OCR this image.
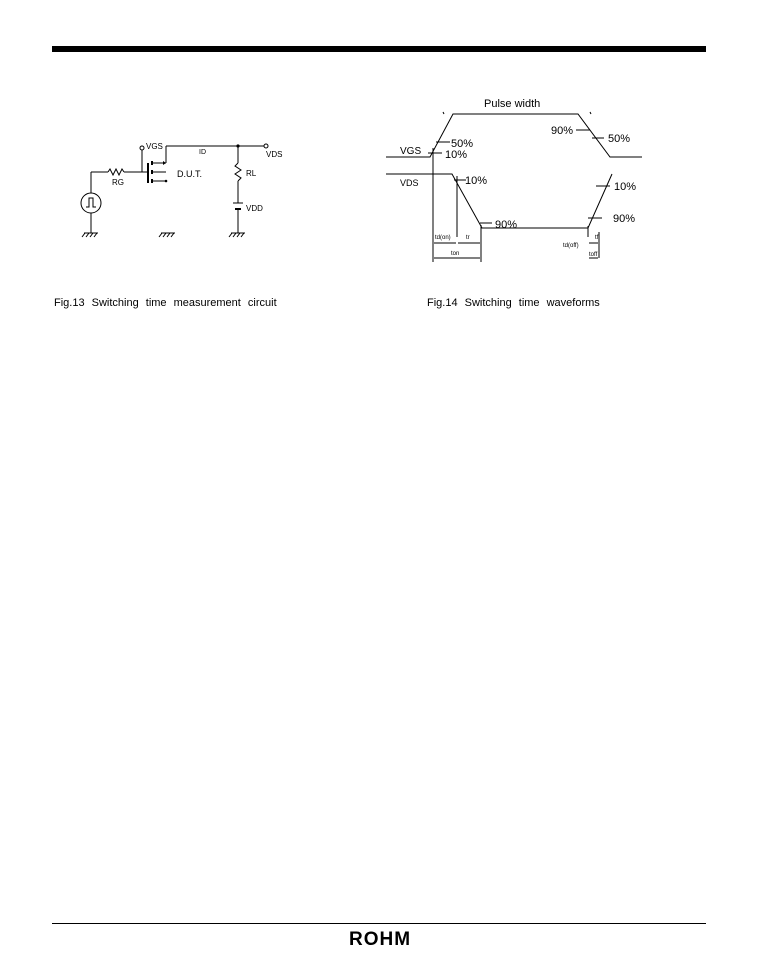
VGS
ID	VDS
RG
D.U.T.	RL
VDD
Fig.13 Switching time measurement circuit
Pulse width
VGS
VDS
50%
10%
10%
90%
90%
50%
10%
90%
td(on)	tr
ton
td(off)
tf
toff
Fig.14 Switching time waveforms
ROHM
